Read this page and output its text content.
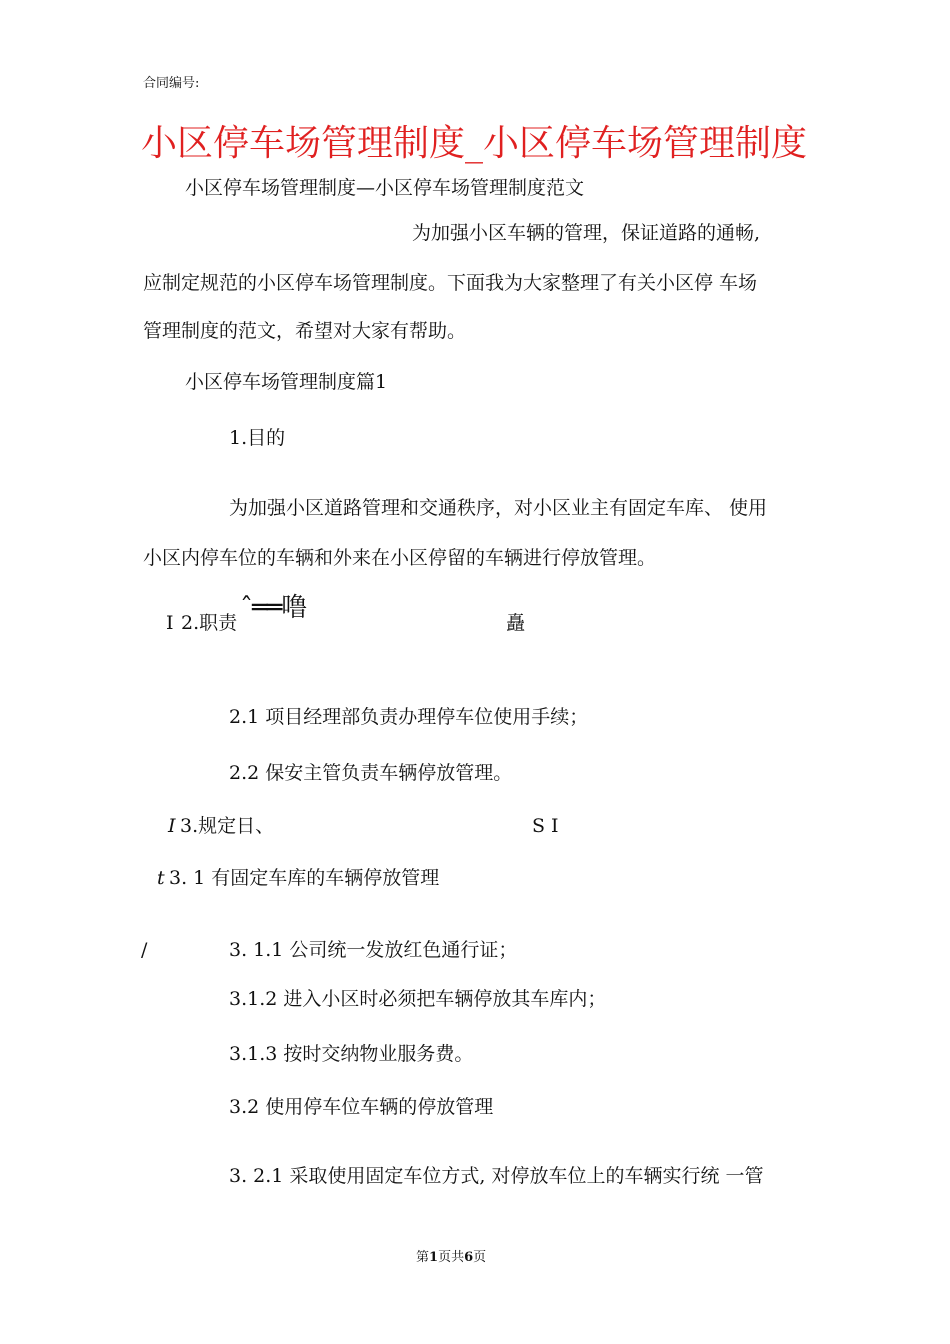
合同编号:

小区停车场管理制度_小区停车场管理制度

小区停车场管理制度—小区停车场管理制度范文

为加强小区车辆的管理，保证道路的通畅,

应制定规范的小区停车场管理制度。下面我为大家整理了有关小区停 车场

管理制度的范文，希望对大家有帮助。

小区停车场管理制度篇1

1.目的

为加强小区道路管理和交通秩序，对小区业主有固定车库、 使用

小区内停车位的车辆和外来在小区停留的车辆进行停放管理。

I 2.职责 ˆ══噜	矗

2.1 项目经理部负责办理停车位使用手续；

2.2 保安主管负责车辆停放管理。

I 3.规定日、	S I

t 3. 1 有固定车库的车辆停放管理

/	3. 1.1 公司统一发放红色通行证；

3.1.2 进入小区时必须把车辆停放其车库内；

3.1.3 按时交纳物业服务费。

3.2 使用停车位车辆的停放管理

3. 2.1 采取使用固定车位方式, 对停放车位上的车辆实行统 一管

第1页共6页
